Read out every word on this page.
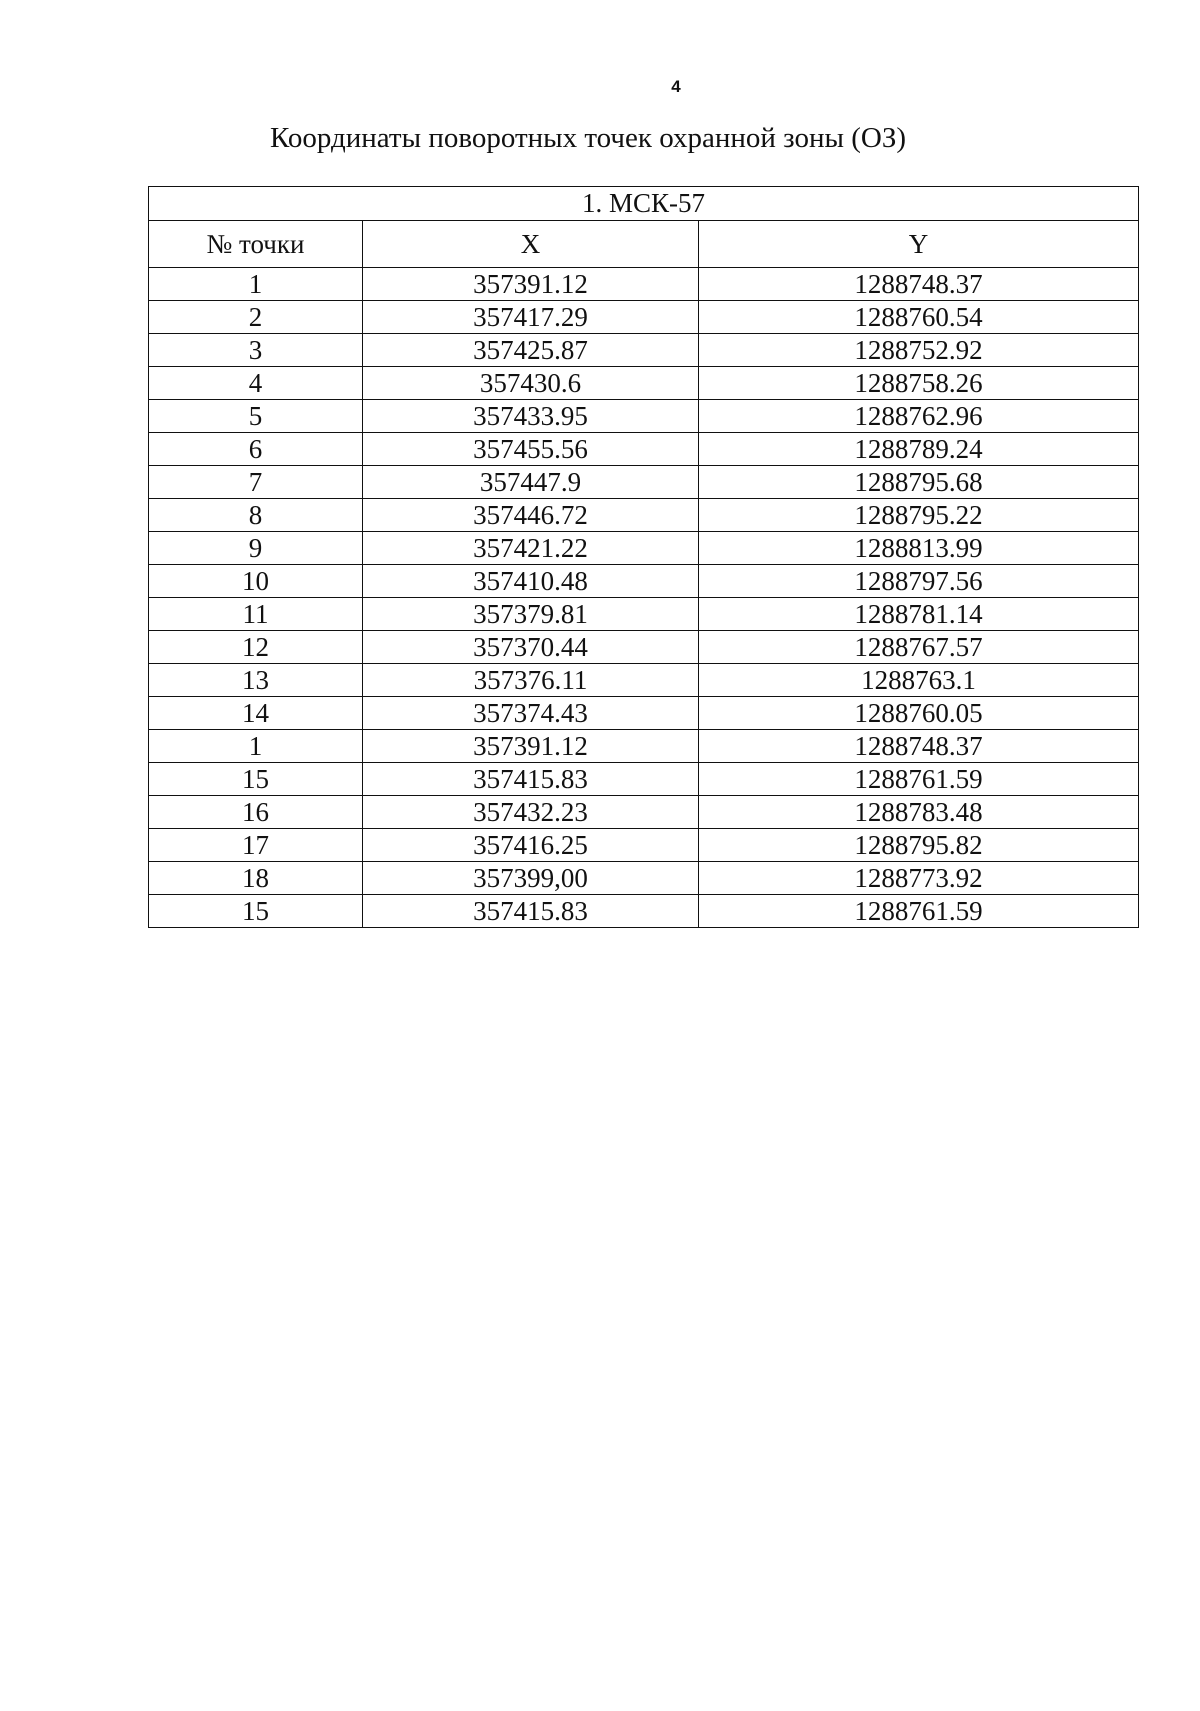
4
Координаты поворотных точек охранной зоны (ОЗ)
1. МСК-57		
№ точки	X	Y
1	357391.12	1288748.37
2	357417.29	1288760.54
3	357425.87	1288752.92
4	357430.6	1288758.26
5	357433.95	1288762.96
6	357455.56	1288789.24
7	357447.9	1288795.68
8	357446.72	1288795.22
9	357421.22	1288813.99
10	357410.48	1288797.56
11	357379.81	1288781.14
12	357370.44	1288767.57
13	357376.11	1288763.1
14	357374.43	1288760.05
1	357391.12	1288748.37
15	357415.83	1288761.59
16	357432.23	1288783.48
17	357416.25	1288795.82
18	357399,00	1288773.92
15	357415.83	1288761.59
